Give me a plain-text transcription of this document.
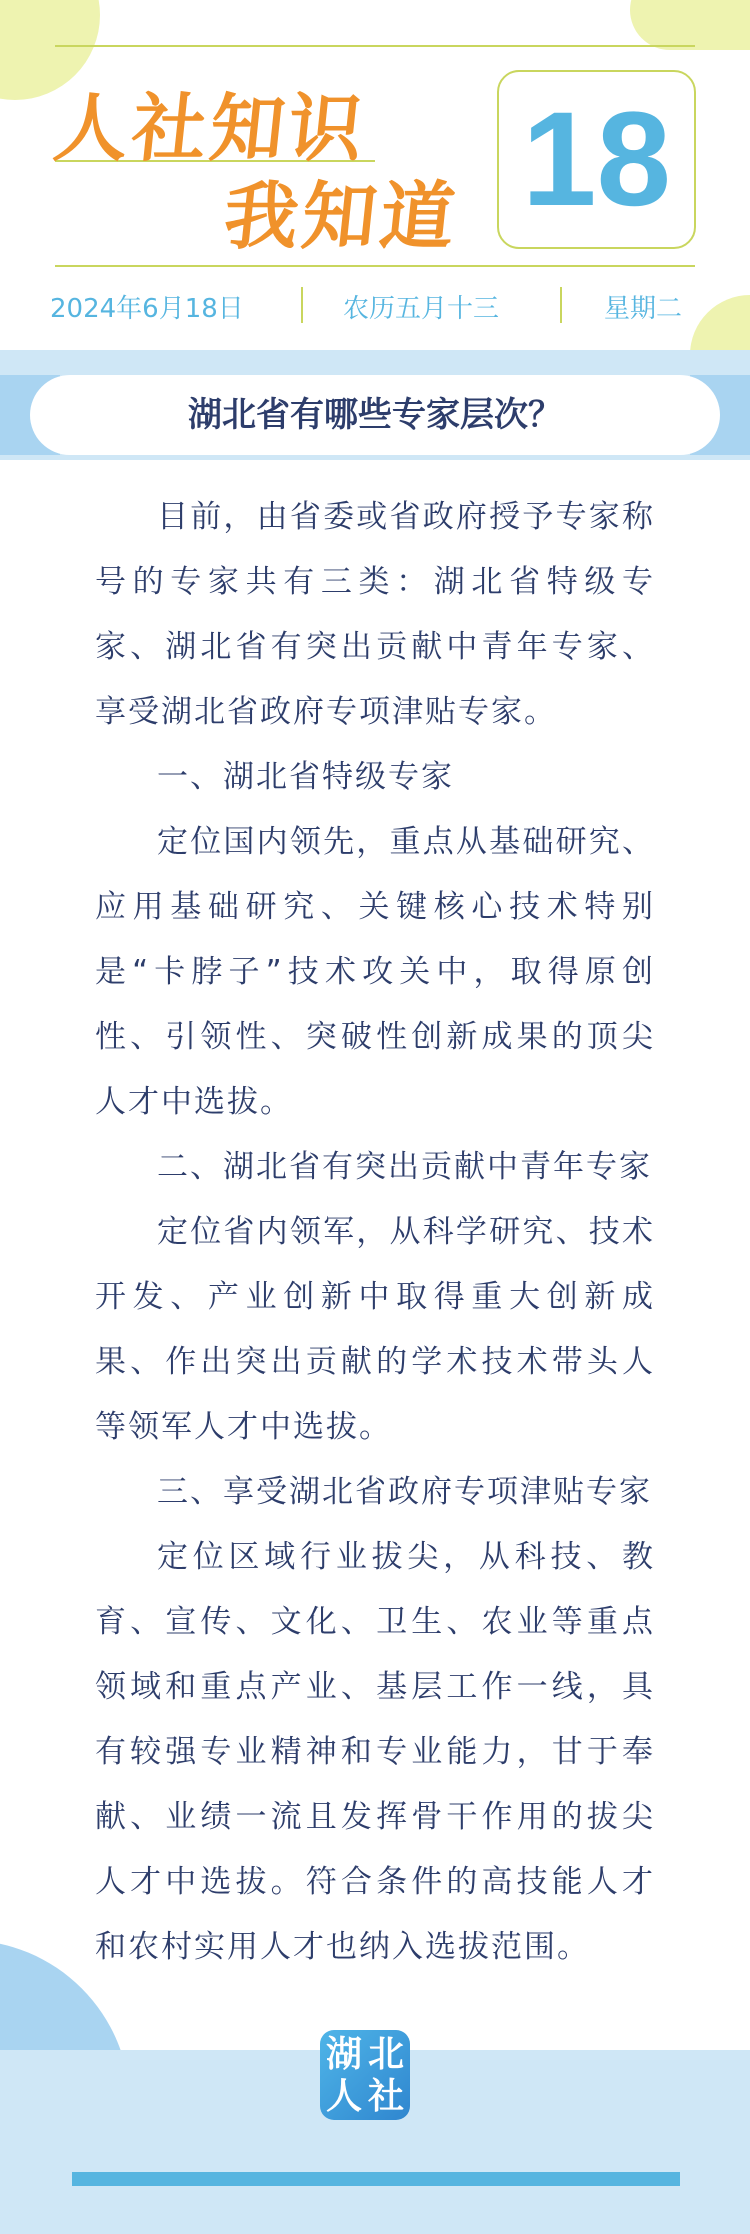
人社知识
我知道 18
2024年6月18日	农历五月十三	星期二
湖北省有哪些专家层次？

目前，由省委或省政府授予专家称号的专家共有三类：湖北省特级专家、湖北省有突出贡献中青年专家、享受湖北省政府专项津贴专家。

一、湖北省特级专家

定位国内领先，重点从基础研究、应用基础研究、关键核心技术特别是“卡脖子”技术攻关中，取得原创性、引领性、突破性创新成果的顶尖人才中选拔。

二、湖北省有突出贡献中青年专家

定位省内领军，从科学研究、技术开发、产业创新中取得重大创新成果、作出突出贡献的学术技术带头人等领军人才中选拔。

三、享受湖北省政府专项津贴专家

定位区域行业拔尖，从科技、教育、宣传、文化、卫生、农业等重点领域和重点产业、基层工作一线，具有较强专业精神和专业能力，甘于奉献、业绩一流且发挥骨干作用的拔尖人才中选拔。符合条件的高技能人才和农村实用人才也纳入选拔范围。

湖 北
人 社
